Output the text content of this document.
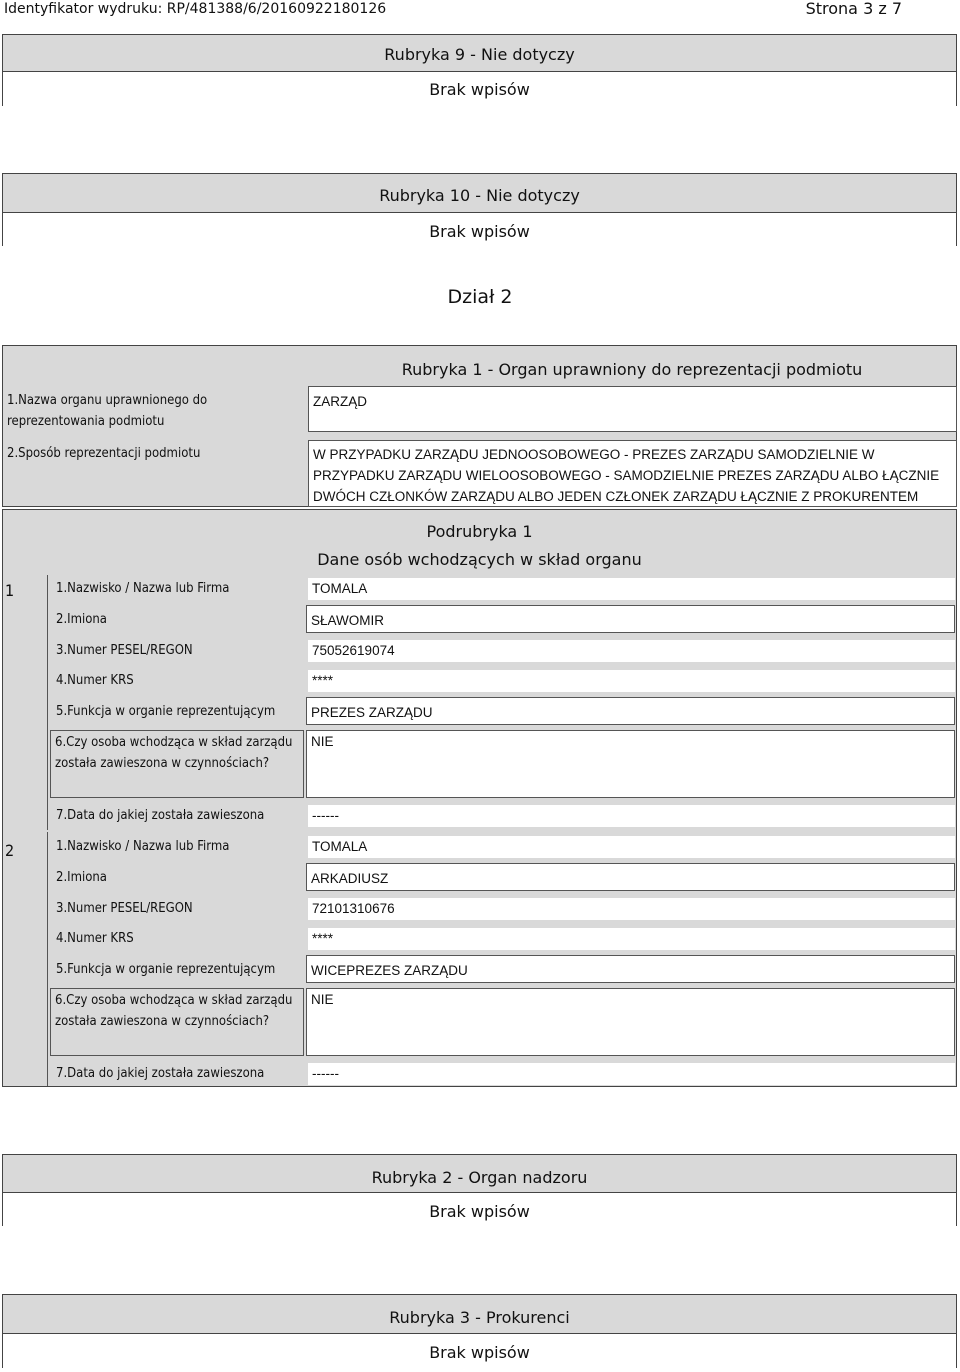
Identyfikator wydruku: RP/481388/6/20160922180126	Strona 3 z 7
Rubryka 9 - Nie dotyczy
Brak wpisów
Rubryka 10 - Nie dotyczy
Brak wpisów
Dział 2
Rubryka 1 - Organ uprawniony do reprezentacji podmiotu
1.Nazwa organu uprawnionego do reprezentowania podmiotu
ZARZĄD
2.Sposób reprezentacji podmiotu	W PRZYPADKU ZARZĄDU JEDNOOSOBOWEGO - PREZES ZARZĄDU SAMODZIELNIE W PRZYPADKU ZARZĄDU WIELOOSOBOWEGO - SAMODZIELNIE PREZES ZARZĄDU ALBO ŁĄCZNIE DWÓCH CZŁONKÓW ZARZĄDU ALBO JEDEN CZŁONEK ZARZĄDU ŁĄCZNIE Z PROKURENTEM
Podrubryka 1
Dane osób wchodzących w skład organu
1	1.Nazwisko / Nazwa lub Firma	TOMALA
2.Imiona	SŁAWOMIR
3.Numer PESEL/REGON	75052619074
4.Numer KRS	****
5.Funkcja w organie reprezentującym	PREZES ZARZĄDU
6.Czy osoba wchodząca w skład zarządu została zawieszona w czynnościach?
NIE
7.Data do jakiej została zawieszona	------
2	1.Nazwisko / Nazwa lub Firma	TOMALA
2.Imiona	ARKADIUSZ
3.Numer PESEL/REGON	72101310676
4.Numer KRS	****
5.Funkcja w organie reprezentującym	WICEPREZES ZARZĄDU
6.Czy osoba wchodząca w skład zarządu została zawieszona w czynnościach?
NIE
7.Data do jakiej została zawieszona	------
Rubryka 2 - Organ nadzoru
Brak wpisów
Rubryka 3 - Prokurenci
Brak wpisów
